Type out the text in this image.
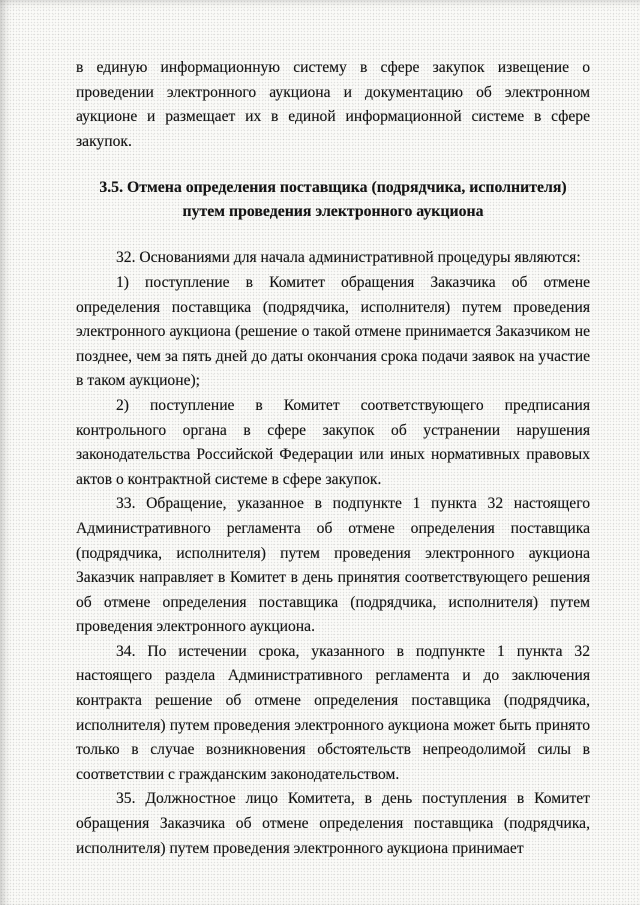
в единую информационную систему в сфере закупок извещение о проведении электронного аукциона и документацию об электронном аукционе и размещает их в единой информационной системе в сфере закупок.

3.5. Отмена определения поставщика (подрядчика, исполнителя) путем проведения электронного аукциона

32. Основаниями для начала административной процедуры являются:

1) поступление в Комитет обращения Заказчика об отмене определения поставщика (подрядчика, исполнителя) путем проведения электронного аукциона (решение о такой отмене принимается Заказчиком не позднее, чем за пять дней до даты окончания срока подачи заявок на участие в таком аукционе);

2) поступление в Комитет соответствующего предписания контрольного органа в сфере закупок об устранении нарушения законодательства Российской Федерации или иных нормативных правовых актов о контрактной системе в сфере закупок.

33. Обращение, указанное в подпункте 1 пункта 32 настоящего Административного регламента об отмене определения поставщика (подрядчика, исполнителя) путем проведения электронного аукциона Заказчик направляет в Комитет в день принятия соответствующего решения об отмене определения поставщика (подрядчика, исполнителя) путем проведения электронного аукциона.

34. По истечении срока, указанного в подпункте 1 пункта 32 настоящего раздела Административного регламента и до заключения контракта решение об отмене определения поставщика (подрядчика, исполнителя) путем проведения электронного аукциона может быть принято только в случае возникновения обстоятельств непреодолимой силы в соответствии с гражданским законодательством.

35. Должностное лицо Комитета, в день поступления в Комитет обращения Заказчика об отмене определения поставщика (подрядчика, исполнителя) путем проведения электронного аукциона принимает
